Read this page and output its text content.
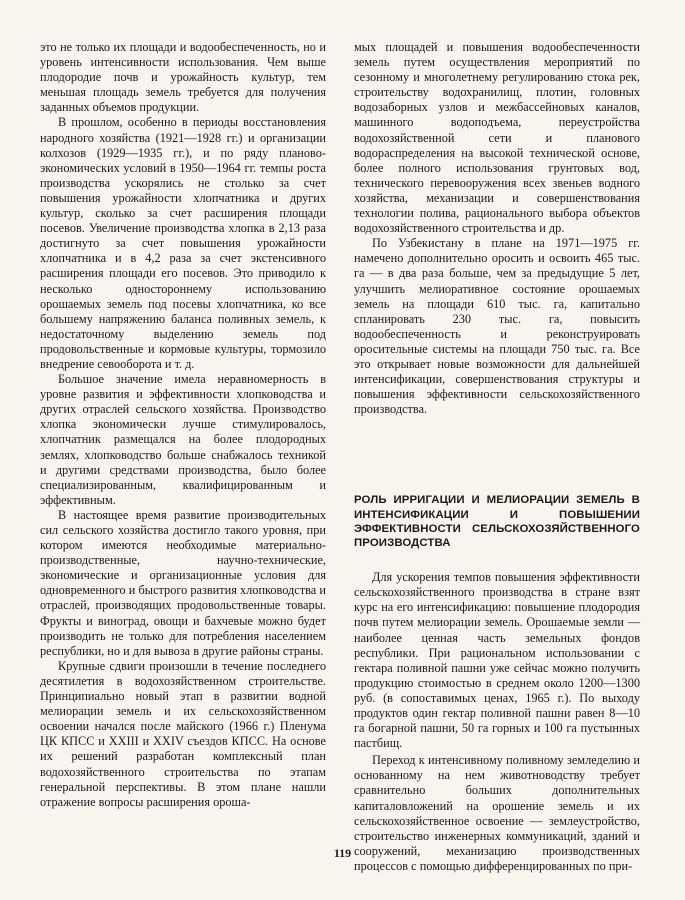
это не только их площади и водообеспеченность, но и уровень интенсивности использования. Чем выше плодородие почв и урожайность культур, тем меньшая площадь земель требуется для получения заданных объемов продукции.

В прошлом, особенно в периоды восстановления народного хозяйства (1921—1928 гг.) и организации колхозов (1929—1935 гг.), и по ряду планово-экономических условий в 1950—1964 гг. темпы роста производства ускорялись не столько за счет повышения урожайности хлопчатника и других культур, сколько за счет расширения площади посевов. Увеличение производства хлопка в 2,13 раза достигнуто за счет повышения урожайности хлопчатника и в 4,2 раза за счет экстенсивного расширения площади его посевов. Это приводило к несколько одностороннему использованию орошаемых земель под посевы хлопчатника, ко все большему напряжению баланса поливных земель, к недостаточному выделению земель под продовольственные и кормовые культуры, тормозило внедрение севооборота и т. д.

Большое значение имела неравномерность в уровне развития и эффективности хлопководства и других отраслей сельского хозяйства. Производство хлопка экономически лучше стимулировалось, хлопчатник размещался на более плодородных землях, хлопководство больше снабжалось техникой и другими средствами производства, было более специализированным, квалифицированным и эффективным.

В настоящее время развитие производительных сил сельского хозяйства достигло такого уровня, при котором имеются необходимые материально-производственные, научно-технические, экономические и организационные условия для одновременного и быстрого развития хлопководства и отраслей, производящих продовольственные товары. Фрукты и виноград, овощи и бахчевые можно будет производить не только для потребления населением республики, но и для вывоза в другие районы страны.

Крупные сдвиги произошли в течение последнего десятилетия в водохозяйственном строительстве. Принципиально новый этап в развитии водной мелиорации земель и их сельскохозяйственном освоении начался после майского (1966 г.) Пленума ЦК КПСС и XXIII и XXIV съездов КПСС. На основе их решений разработан комплексный план водохозяйственного строительства по этапам генеральной перспективы. В этом плане нашли отражение вопросы расширения ороша-

мых площадей и повышения водообеспеченности земель путем осуществления мероприятий по сезонному и многолетнему регулированию стока рек, строительству водохранилищ, плотин, головных водозаборных узлов и межбассейновых каналов, машинного водоподъема, переустройства водохозяйственной сети и планового водораспределения на высокой технической основе, более полного использования грунтовых вод, технического перевооружения всех звеньев водного хозяйства, механизации и совершенствования технологии полива, рационального выбора объектов водохозяйственного строительства и др.

По Узбекистану в плане на 1971—1975 гг. намечено дополнительно оросить и освоить 465 тыс. га — в два раза больше, чем за предыдущие 5 лет, улучшить мелиоративное состояние орошаемых земель на площади 610 тыс. га, капитально спланировать 230 тыс. га, повысить водообеспеченность и реконструировать оросительные системы на площади 750 тыс. га. Все это открывает новые возможности для дальнейшей интенсификации, совершенствования структуры и повышения эффективности сельскохозяйственного производства.

РОЛЬ ИРРИГАЦИИ И МЕЛИОРАЦИИ ЗЕМЕЛЬ В ИНТЕНСИФИКАЦИИ И ПОВЫШЕНИИ ЭФФЕКТИВНОСТИ СЕЛЬСКОХОЗЯЙСТВЕННОГО ПРОИЗВОДСТВА

Для ускорения темпов повышения эффективности сельскохозяйственного производства в стране взят курс на его интенсификацию: повышение плодородия почв путем мелиорации земель. Орошаемые земли — наиболее ценная часть земельных фондов республики. При рациональном использовании с гектара поливной пашни уже сейчас можно получить продукцию стоимостью в среднем около 1200—1300 руб. (в сопоставимых ценах, 1965 г.). По выходу продуктов один гектар поливной пашни равен 8—10 га богарной пашни, 50 га горных и 100 га пустынных пастбищ.

Переход к интенсивному поливному земледелию и основанному на нем животноводству требует сравнительно больших дополнительных капиталовложений на орошение земель и их сельскохозяйственное освоение — землеустройство, строительство инженерных коммуникаций, зданий и сооружений, механизацию производственных процессов с помощью дифференцированных по при-

119
